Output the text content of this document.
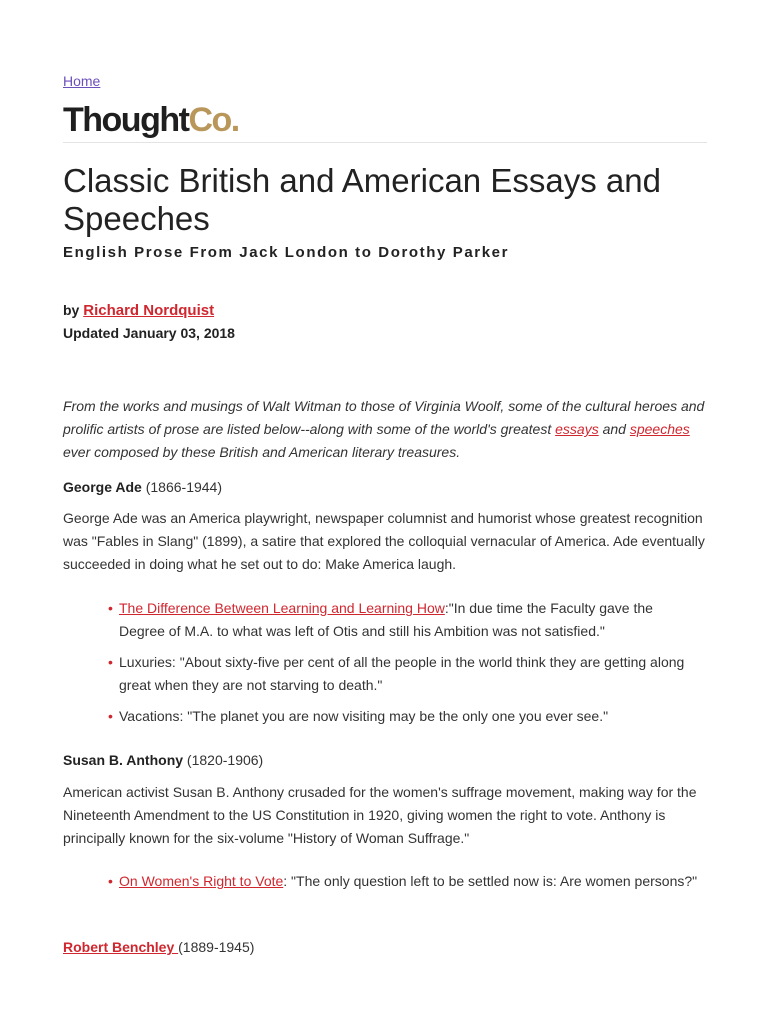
Home
ThoughtCo.
Classic British and American Essays and Speeches
English Prose From Jack London to Dorothy Parker
by Richard Nordquist
Updated January 03, 2018

From the works and musings of Walt Witman to those of Virginia Woolf, some of the cultural heroes and prolific artists of prose are listed below--along with some of the world's greatest essays and speeches ever composed by these British and American literary treasures.

George Ade (1866-1944)

George Ade was an America playwright, newspaper columnist and humorist whose greatest recognition was "Fables in Slang" (1899), a satire that explored the colloquial vernacular of America. Ade eventually succeeded in doing what he set out to do: Make America laugh.

• The Difference Between Learning and Learning How:"In due time the Faculty gave the Degree of M.A. to what was left of Otis and still his Ambition was not satisfied."
• Luxuries: "About sixty-five per cent of all the people in the world think they are getting along great when they are not starving to death."
• Vacations: "The planet you are now visiting may be the only one you ever see."
Susan B. Anthony (1820-1906)

American activist Susan B. Anthony crusaded for the women's suffrage movement, making way for the Nineteenth Amendment to the US Constitution in 1920, giving women the right to vote. Anthony is principally known for the six-volume "History of Woman Suffrage."

• On Women's Right to Vote: "The only question left to be settled now is: Are women persons?"
Robert Benchley (1889-1945)
